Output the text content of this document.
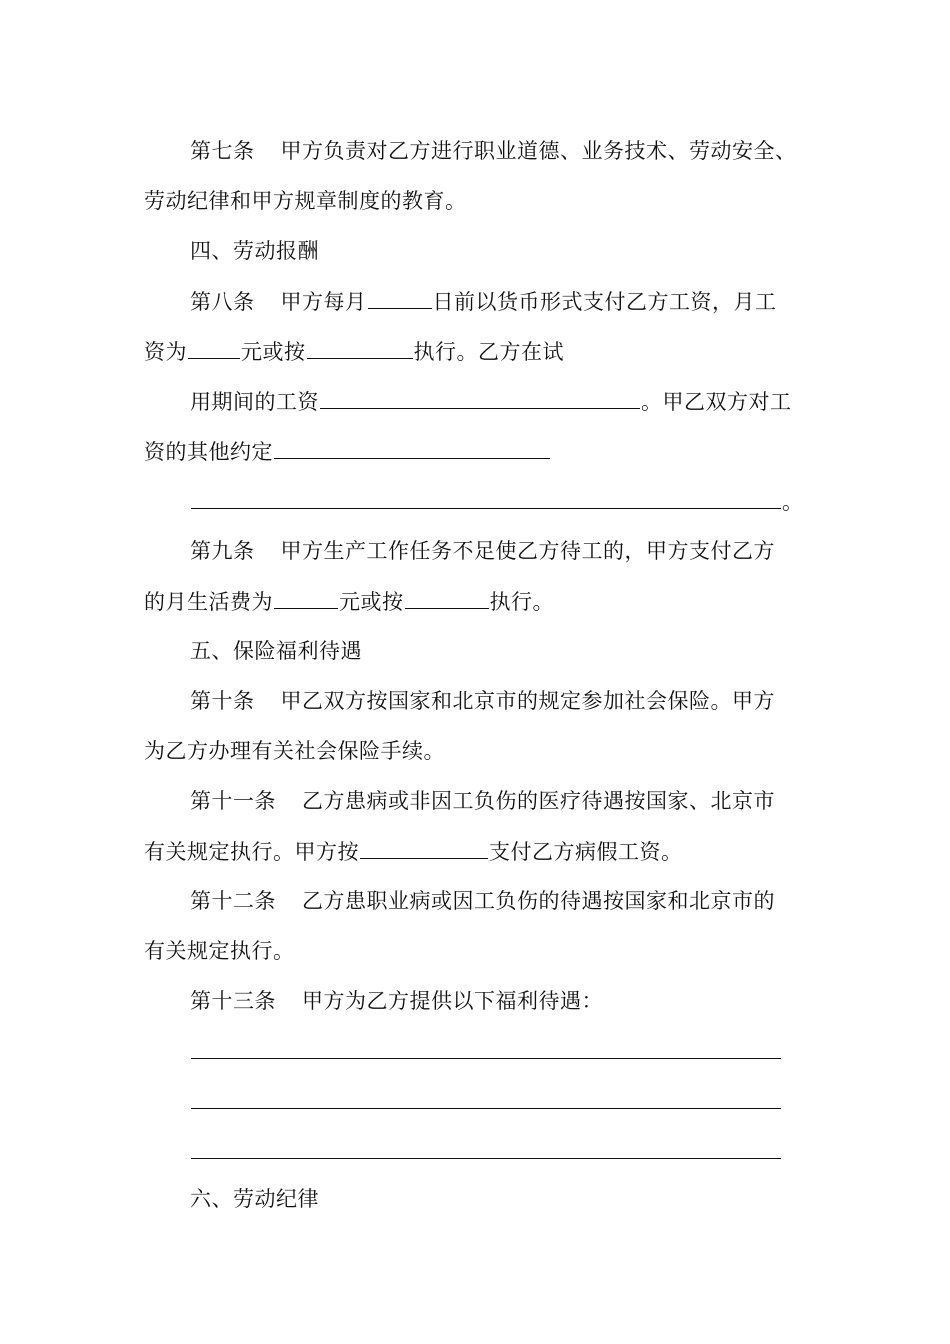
第七条 甲方负责对乙方进行职业道德、业务技术、劳动安全、
劳动纪律和甲方规章制度的教育。
四、劳动报酬
第八条 甲方每月	日前以货币形式支付乙方工资，月工
资为	元或按	执行。乙方在试
用期间的工资	。甲乙双方对工
资的其他约定
。
第九条 甲方生产工作任务不足使乙方待工的，甲方支付乙方
的月生活费为	元或按	执行。
五、保险福利待遇
第十条 甲乙双方按国家和北京市的规定参加社会保险。甲方
为乙方办理有关社会保险手续。
第十一条 乙方患病或非因工负伤的医疗待遇按国家、北京市
有关规定执行。甲方按	支付乙方病假工资。
第十二条 乙方患职业病或因工负伤的待遇按国家和北京市的
有关规定执行。
第十三条 甲方为乙方提供以下福利待遇：
六、劳动纪律
